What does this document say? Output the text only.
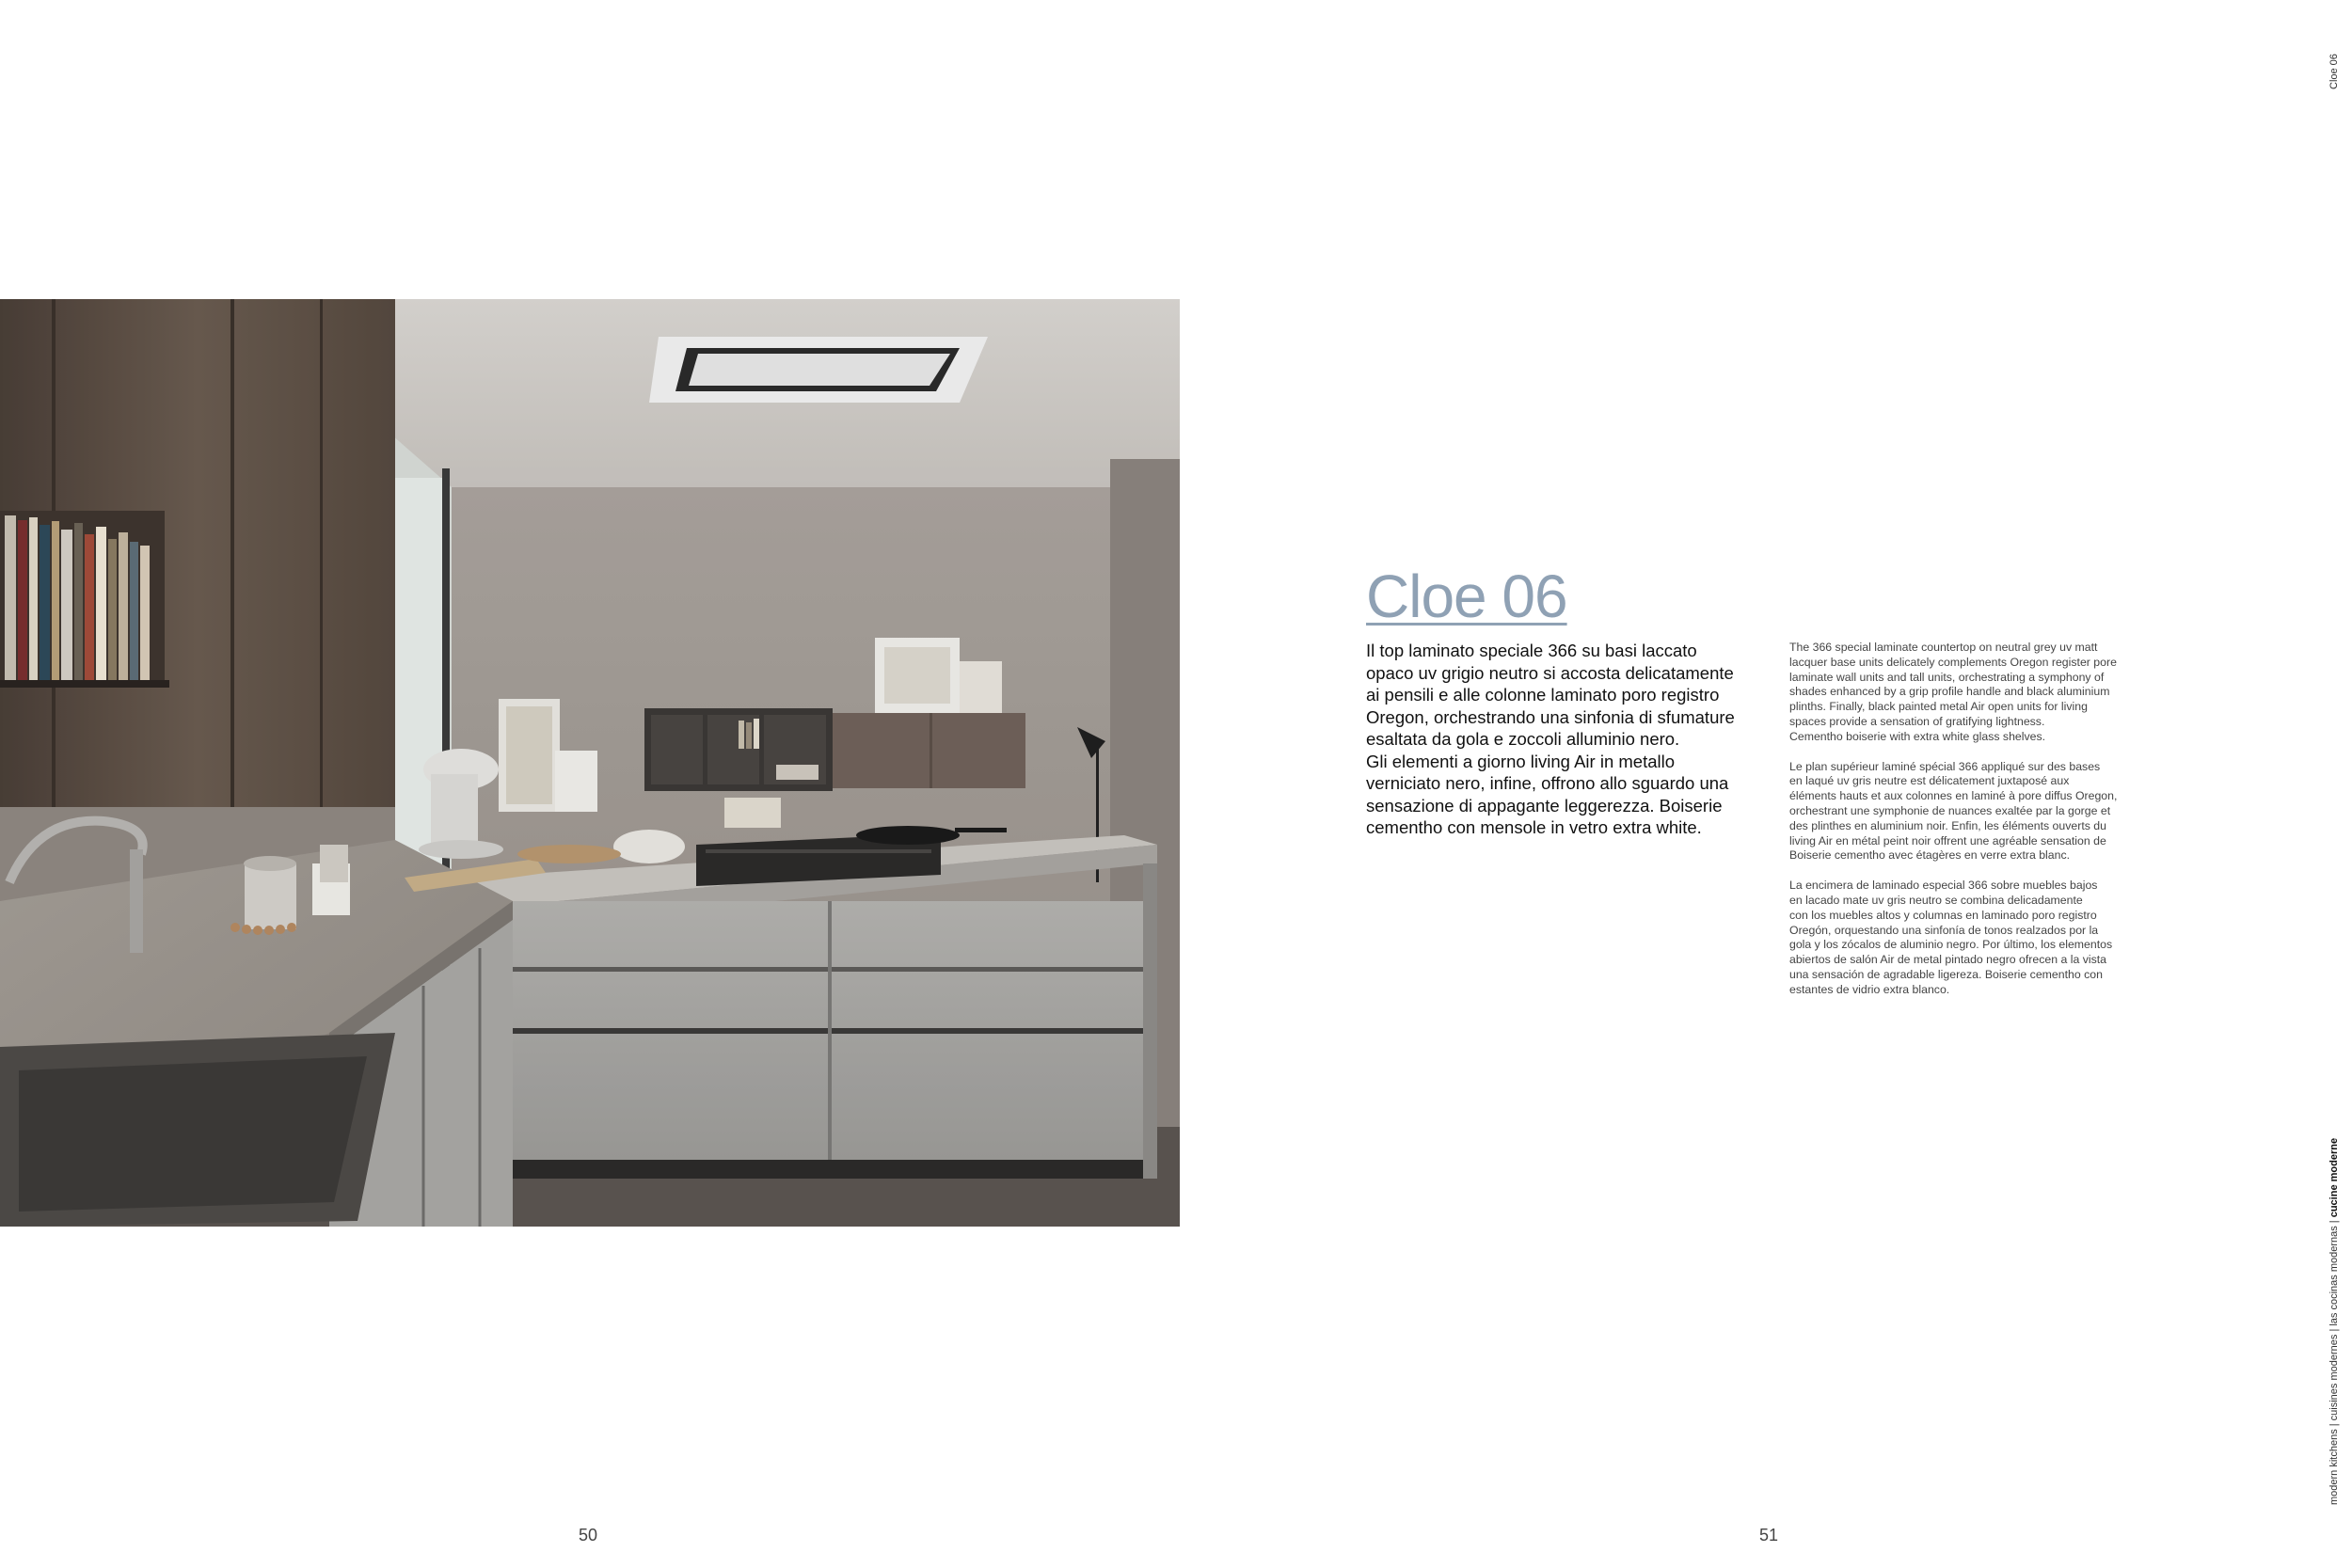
Cloe 06
modern kitchens | cuisines modernes | las cocinas modernas | cucine moderne
Cloe 06

Il top laminato speciale 366 su basi laccato
opaco uv grigio neutro si accosta delicatamente
ai pensili e alle colonne laminato poro registro
Oregon, orchestrando una sinfonia di sfumature
esaltata da gola e zoccoli alluminio nero.
Gli elementi a giorno living Air in metallo
verniciato nero, infine, offrono allo sguardo una
sensazione di appagante leggerezza. Boiserie
cementho con mensole in vetro extra white.

The 366 special laminate countertop on neutral grey uv matt
lacquer base units delicately complements Oregon register pore
laminate wall units and tall units, orchestrating a symphony of
shades enhanced by a grip profile handle and black aluminium
plinths. Finally, black painted metal Air open units for living
spaces provide a sensation of gratifying lightness.
Cementho boiserie with extra white glass shelves.

Le plan supérieur laminé spécial 366 appliqué sur des bases
en laqué uv gris neutre est délicatement juxtaposé aux
éléments hauts et aux colonnes en laminé à pore diffus Oregon,
orchestrant une symphonie de nuances exaltée par la gorge et
des plinthes en aluminium noir. Enfin, les éléments ouverts du
living Air en métal peint noir offrent une agréable sensation de
Boiserie cementho avec étagères en verre extra blanc.

La encimera de laminado especial 366 sobre muebles bajos
en lacado mate uv gris neutro se combina delicadamente
con los muebles altos y columnas en laminado poro registro
Oregón, orquestando una sinfonía de tonos realzados por la
gola y los zócalos de aluminio negro. Por último, los elementos
abiertos de salón Air de metal pintado negro ofrecen a la vista
una sensación de agradable ligereza. Boiserie cementho con
estantes de vidrio extra blanco.

50	51
